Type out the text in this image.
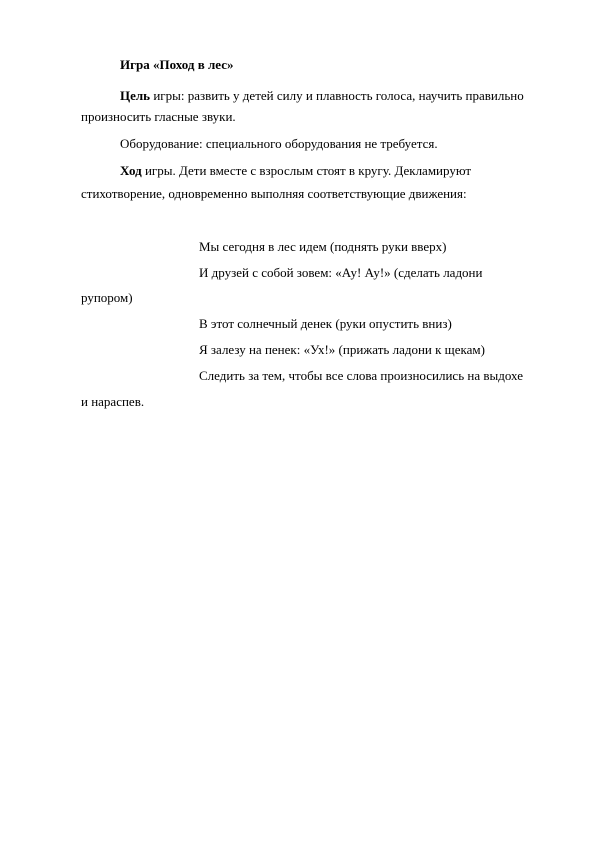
Игра «Поход в лес»
Цель игры: развить у детей силу и плавность голоса, научить правильно
произносить гласные звуки.
Оборудование: специального оборудования не требуется.
Ход игры. Дети вместе с взрослым стоят в кругу. Декламируют
стихотворение, одновременно выполняя соответствующие движения:
Мы сегодня в лес идем (поднять руки вверх)
И друзей с собой зовем: «Ау! Ау!» (сделать ладони
рупором)
В этот солнечный денек (руки опустить вниз)
Я залезу на пенек: «Ух!» (прижать ладони к щекам)
Следить за тем, чтобы все слова произносились на выдохе
и нараспев.
